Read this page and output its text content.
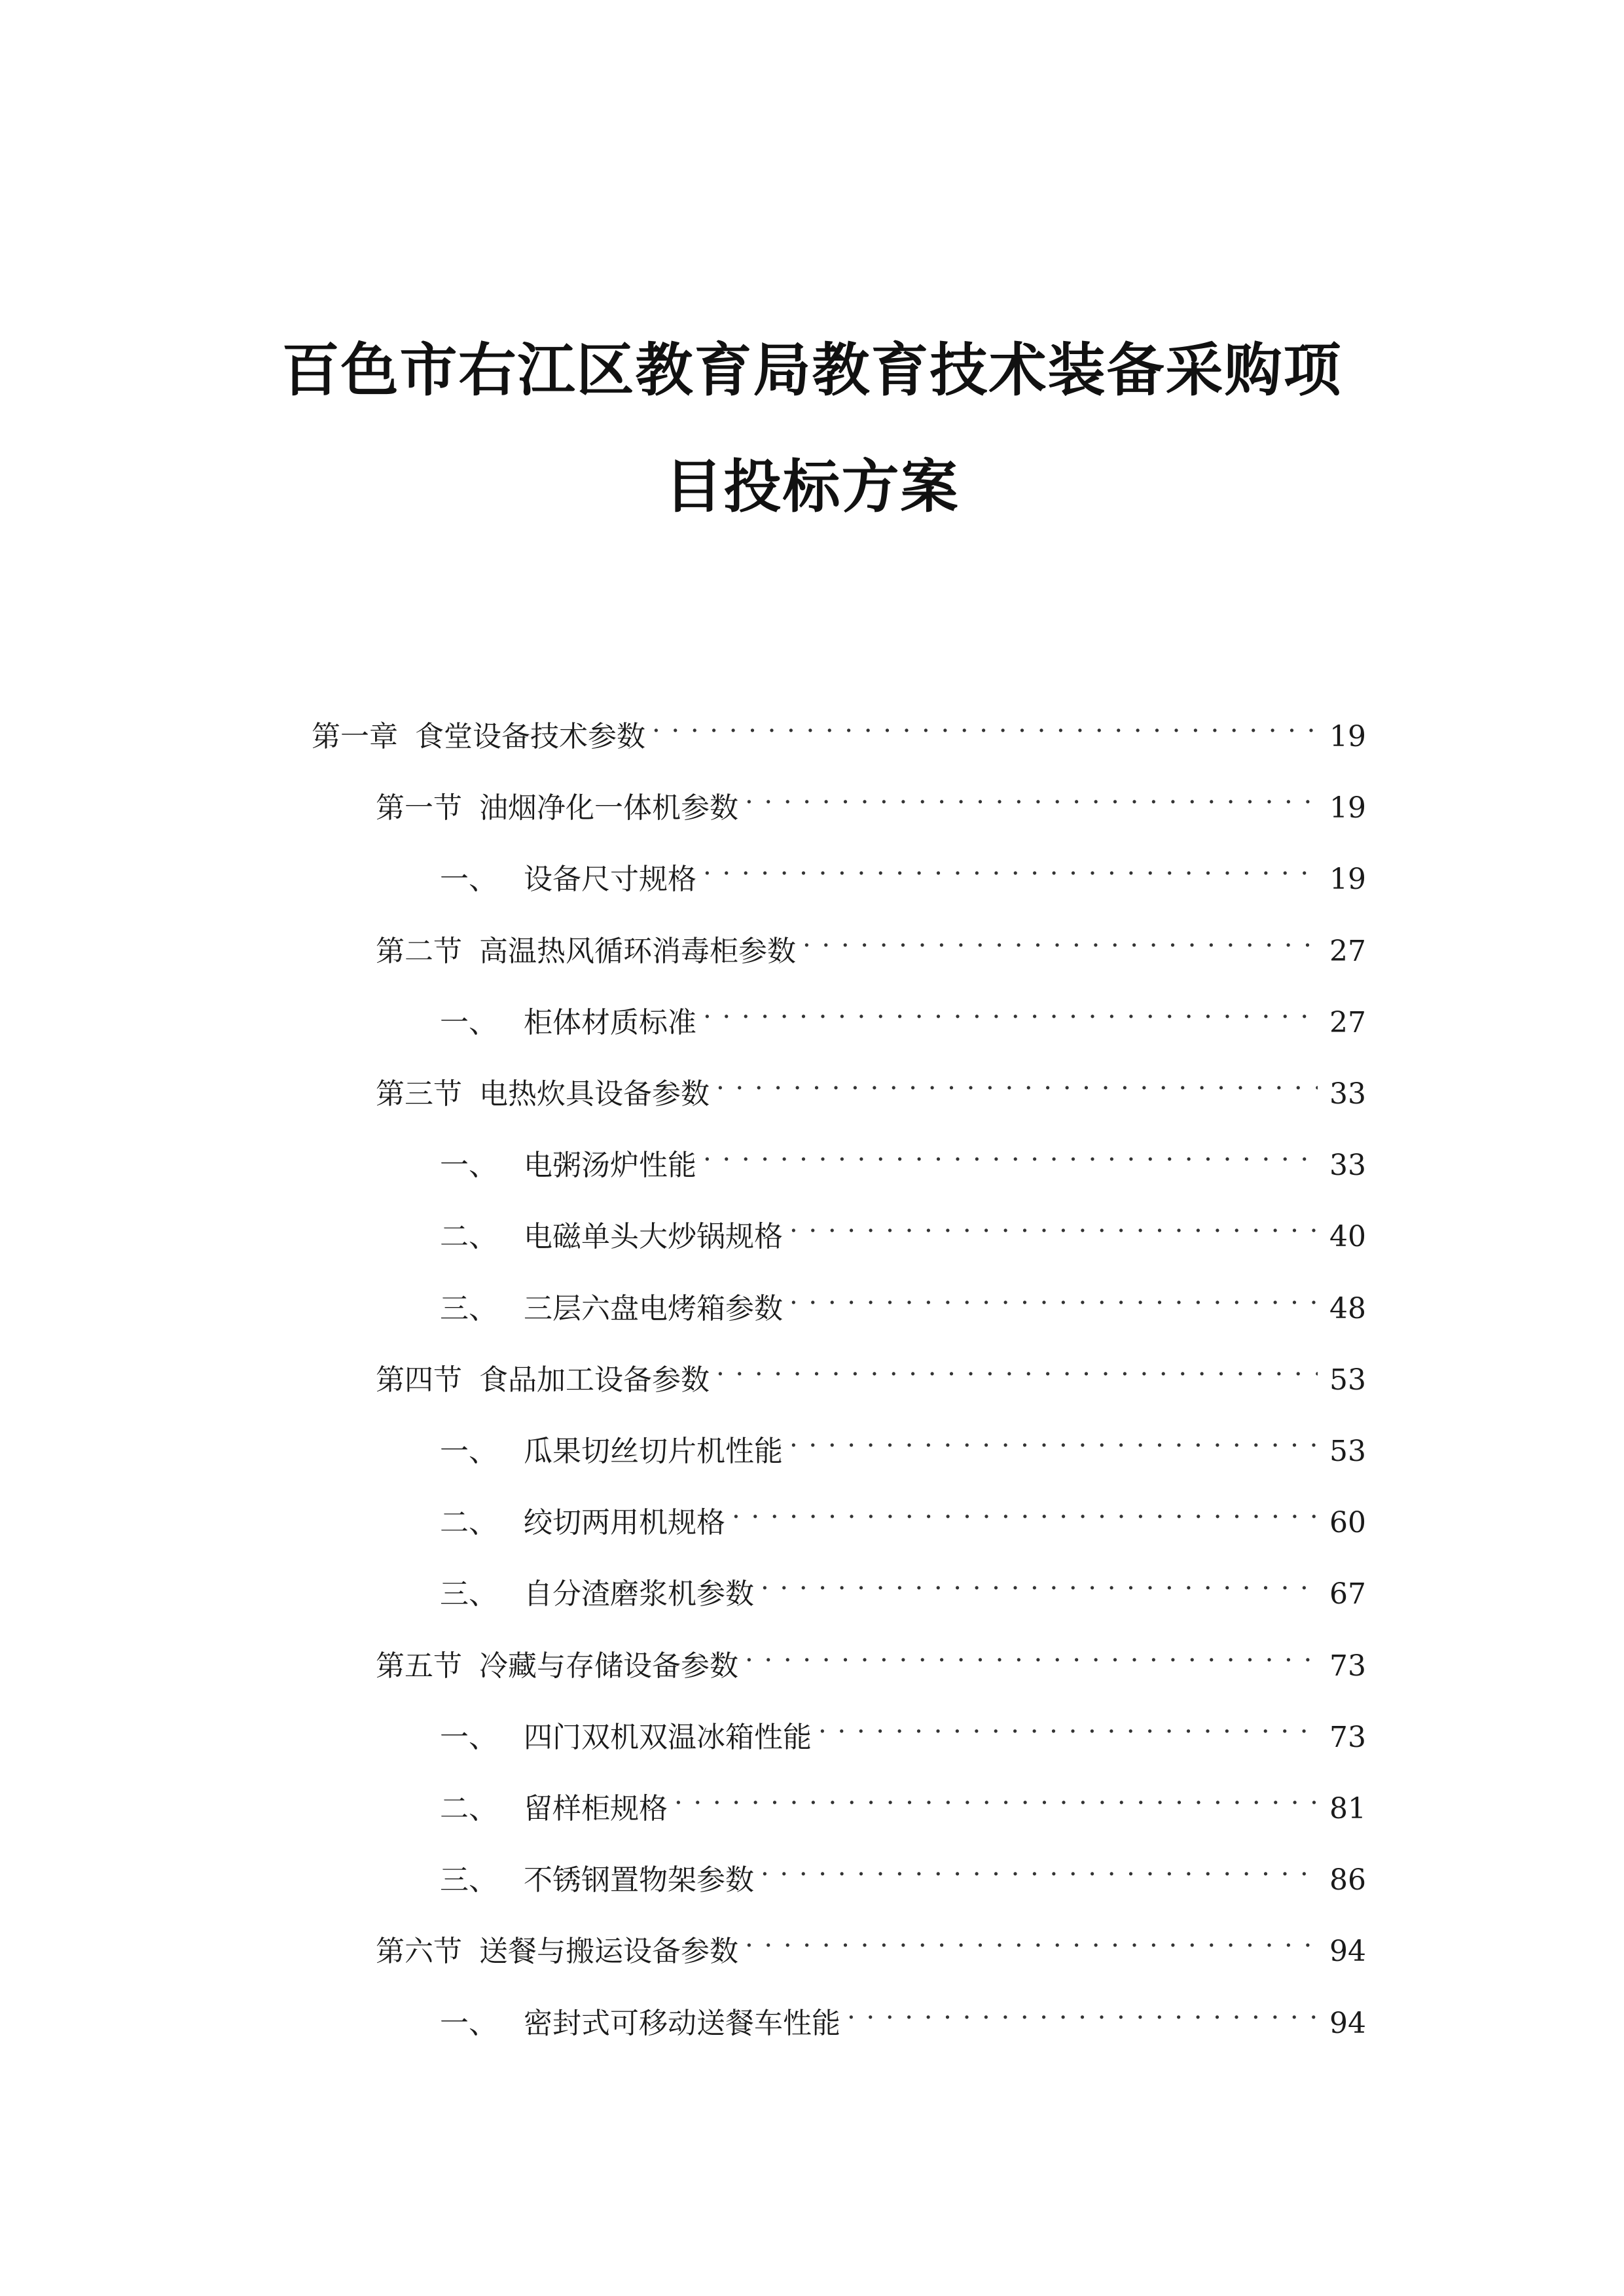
百色市右江区教育局教育技术装备采购项
目投标方案
第一章 食堂设备技术参数 . . .	19
第一节 油烟净化一体机参数 . . .	19
一、 设备尺寸规格 . . .	19
第二节 高温热风循环消毒柜参数 . . .	27
一、 柜体材质标准 . . .	27
第三节 电热炊具设备参数 . . .	33
一、 电粥汤炉性能 . . .	33
二、 电磁单头大炒锅规格 . . .	40
三、 三层六盘电烤箱参数 . . .	48
第四节 食品加工设备参数 . . .	53
一、 瓜果切丝切片机性能 . . .	53
二、 绞切两用机规格 . . .	60
三、 自分渣磨浆机参数 . . .	67
第五节 冷藏与存储设备参数 . . .	73
一、 四门双机双温冰箱性能 . . .	73
二、 留样柜规格 . . .	81
三、 不锈钢置物架参数 . . .	86
第六节 送餐与搬运设备参数 . . .	94
一、 密封式可移动送餐车性能 . . .	94
